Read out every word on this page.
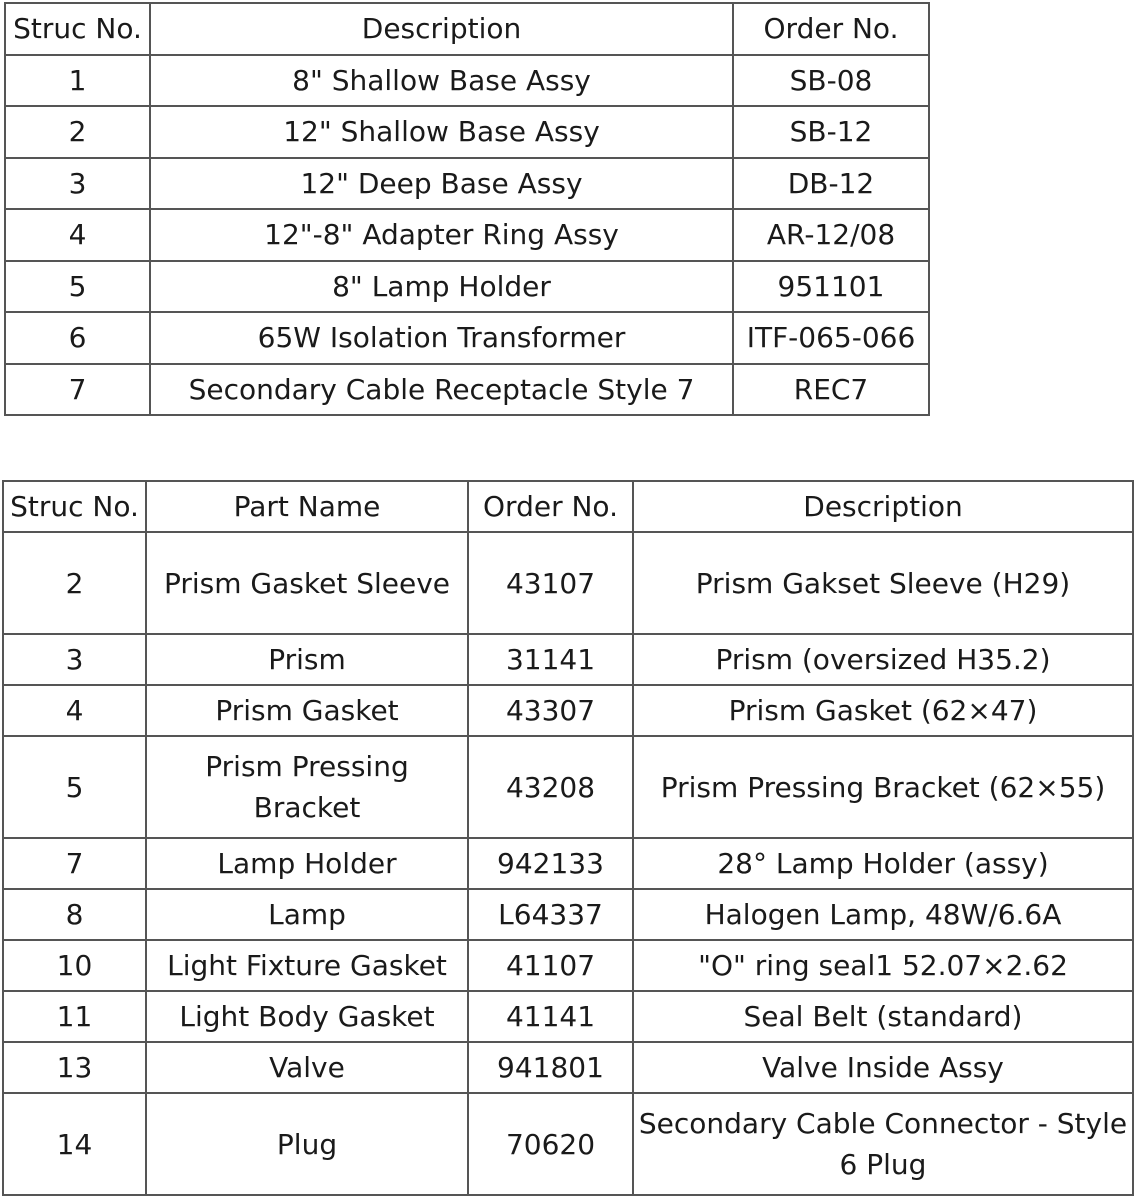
Struc No.	Description	Order No.
1	8" Shallow Base Assy	SB-08
2	12" Shallow Base Assy	SB-12
3	12" Deep Base Assy	DB-12
4	12"-8" Adapter Ring Assy	AR-12/08
5	8" Lamp Holder	951101
6	65W Isolation Transformer	ITF-065-066
7	Secondary Cable Receptacle Style 7	REC7
Struc No.	Part Name	Order No.	Description
2	Prism Gasket Sleeve	43107	Prism Gakset Sleeve (H29)
3	Prism	31141	Prism (oversized H35.2)
4	Prism Gasket	43307	Prism Gasket (62×47)
5	Prism Pressing Bracket	43208	Prism Pressing Bracket (62×55)
7	Lamp Holder	942133	28° Lamp Holder (assy)
8	Lamp	L64337	Halogen Lamp, 48W/6.6A
10	Light Fixture Gasket	41107	"O" ring seal1 52.07×2.62
11	Light Body Gasket	41141	Seal Belt (standard)
13	Valve	941801	Valve Inside Assy
14	Plug	70620	Secondary Cable Connector - Style 6 Plug
